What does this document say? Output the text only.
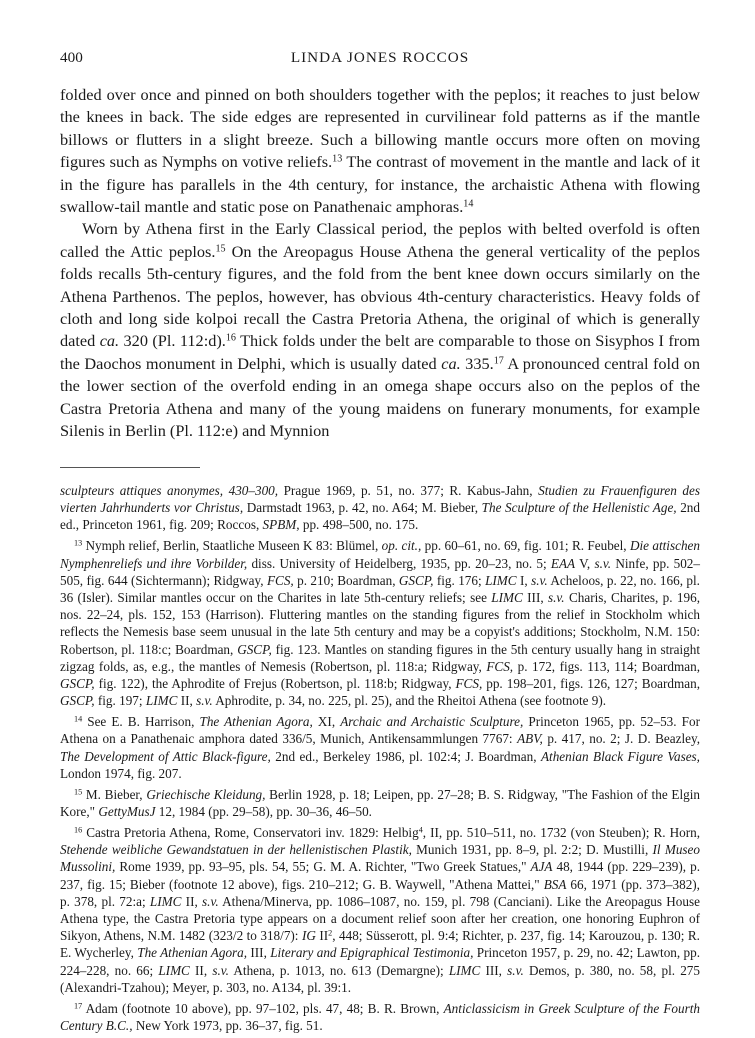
400	LINDA JONES ROCCOS

folded over once and pinned on both shoulders together with the peplos; it reaches to just below the knees in back. The side edges are represented in curvilinear fold patterns as if the mantle billows or flutters in a slight breeze. Such a billowing mantle occurs more often on moving figures such as Nymphs on votive reliefs.$^{13}$ The contrast of movement in the mantle and lack of it in the figure has parallels in the 4th century, for instance, the archaistic Athena with flowing swallow-tail mantle and static pose on Panathenaic amphoras.$^{14}$

Worn by Athena first in the Early Classical period, the peplos with belted overfold is often called the Attic peplos.$^{15}$ On the Areopagus House Athena the general verticality of the peplos folds recalls 5th-century figures, and the fold from the bent knee down occurs similarly on the Athena Parthenos. The peplos, however, has obvious 4th-century characteristics. Heavy folds of cloth and long side kolpoi recall the Castra Pretoria Athena, the original of which is generally dated ca. 320 (Pl. 112:d).$^{16}$ Thick folds under the belt are comparable to those on Sisyphos I from the Daochos monument in Delphi, which is usually dated ca. 335.17 A pronounced central fold on the lower section of the overfold ending in an omega shape occurs also on the peplos of the Castra Pretoria Athena and many of the young maidens on funerary monuments, for example Silenis in Berlin (Pl. 112:e) and Mynnion

sculpteurs attiques anonymes, 430–300, Prague 1969, p. 51, no. 377; R. Kabus-Jahn, Studien zu Frauenfiguren des vierten Jahrhunderts vor Christus, Darmstadt 1963, p. 42, no. A64; M. Bieber, The Sculpture of the Hellenistic Age, 2nd ed., Princeton 1961, fig. 209; Roccos, SPBM, pp. 498–500, no. 175.

$^{13}$ Nymph relief, Berlin, Staatliche Museen K 83: Blümel, op. cit., pp. 60–61, no. 69, fig. 101; R. Feubel, Die attischen Nymphenreliefs und ihre Vorbilder, diss. University of Heidelberg, 1935, pp. 20–23, no. 5; EAA V, s.v. Ninfe, pp. 502–505, fig. 644 (Sichtermann); Ridgway, FCS, p. 210; Boardman, GSCP, fig. 176; LIMC I, s.v. Acheloos, p. 22, no. 166, pl. 36 (Isler). Similar mantles occur on the Charites in late 5th-century reliefs; see LIMC III, s.v. Charis, Charites, p. 196, nos. 22–24, pls. 152, 153 (Harrison). Fluttering mantles on the standing figures from the relief in Stockholm which reflects the Nemesis base seem unusual in the late 5th century and may be a copyist's additions; Stockholm, N.M. 150: Robertson, pl. 118:c; Boardman, GSCP, fig. 123. Mantles on standing figures in the 5th century usually hang in straight zigzag folds, as, e.g., the mantles of Nemesis (Robertson, pl. 118:a; Ridgway, FCS, p. 172, figs. 113, 114; Boardman, GSCP, fig. 122), the Aphrodite of Frejus (Robertson, pl. 118:b; Ridgway, FCS, pp. 198–201, figs. 126, 127; Boardman, GSCP, fig. 197; LIMC II, s.v. Aphrodite, p. 34, no. 225, pl. 25), and the Rheitoi Athena (see footnote 9).

$^{14}$ See E. B. Harrison, The Athenian Agora, XI, Archaic and Archaistic Sculpture, Princeton 1965, pp. 52–53. For Athena on a Panathenaic amphora dated 336/5, Munich, Antikensammlungen 7767: ABV, p. 417, no. 2; J. D. Beazley, The Development of Attic Black-figure, 2nd ed., Berkeley 1986, pl. 102:4; J. Boardman, Athenian Black Figure Vases, London 1974, fig. 207.

$^{15}$ M. Bieber, Griechische Kleidung, Berlin 1928, p. 18; Leipen, pp. 27–28; B. S. Ridgway, "The Fashion of the Elgin Kore," GettyMusJ 12, 1984 (pp. 29–58), pp. 30–36, 46–50.

$^{16}$ Castra Pretoria Athena, Rome, Conservatori inv. 1829: Helbig$^4$, II, pp. 510–511, no. 1732 (von Steuben); R. Horn, Stehende weibliche Gewandstatuen in der hellenistischen Plastik, Munich 1931, pp. 8–9, pl. 2:2; D. Mustilli, Il Museo Mussolini, Rome 1939, pp. 93–95, pls. 54, 55; G. M. A. Richter, "Two Greek Statues," AJA 48, 1944 (pp. 229–239), p. 237, fig. 15; Bieber (footnote 12 above), figs. 210–212; G. B. Waywell, "Athena Mattei," BSA 66, 1971 (pp. 373–382), p. 378, pl. 72:a; LIMC II, s.v. Athena/Minerva, pp. 1086–1087, no. 159, pl. 798 (Canciani). Like the Areopagus House Athena type, the Castra Pretoria type appears on a document relief soon after her creation, one honoring Euphron of Sikyon, Athens, N.M. 1482 (323/2 to 318/7): IG $II^2$, 448; Süsserott, pl. 9:4; Richter, p. 237, fig. 14; Karouzou, p. 130; R. E. Wycherley, The Athenian Agora, III, Literary and Epigraphical Testimonia, Princeton 1957, p. 29, no. 42; Lawton, pp. 224–228, no. 66; LIMC II, s.v. Athena, p. 1013, no. 613 (Demargne); LIMC III, s.v. Demos, p. 380, no. 58, pl. 275 (Alexandri-Tzahou); Meyer, p. 303, no. A134, pl. 39:1.

$^{17}$ Adam (footnote 10 above), pp. 97–102, pls. 47, 48; B. R. Brown, Anticlassicism in Greek Sculpture of the Fourth Century B.C., New York 1973, pp. 36–37, fig. 51.
